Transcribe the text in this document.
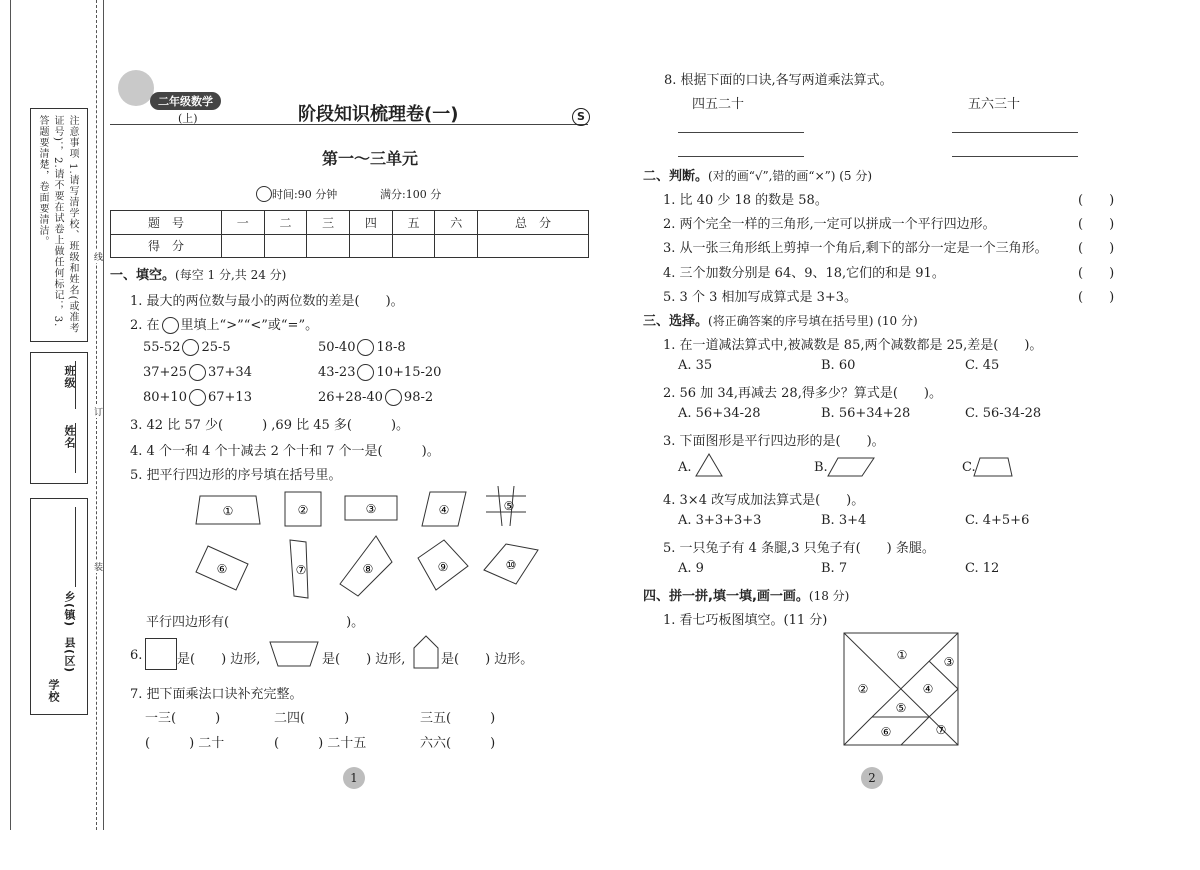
注意事项 1.请写清学校、班级和姓名(或准考证号)； 2.请不要在试卷上做任何标记； 3.答题要清楚，卷面要清洁。
班级
姓名
乡(镇)
县(区)
学校
线
订
装
二年级数学
(上)	阶段知识梳理卷(一)	S
第一～三单元
时间:90 分钟	满分:100 分
题　号	一	二	三	四	五	六	总　分
得　分							
一、填空。(每空 1 分,共 24 分)
1. 最大的两位数与最小的两位数的差是(　　)。
2. 在 里填上“>”“<”或“=”。
55-52 25-5	50-40 18-8
37+25 37+34	43-23 10+15-20
80+10 67+13	26+28-40 98-2
3. 42 比 57 少(　　　) ,69 比 45 多(　　　)。
4. 4 个一和 4 个十减去 2 个十和 7 个一是(　　　)。
5. 把平行四边形的序号填在括号里。
①	②	③	④	⑤
⑥	⑦	⑧	⑨	⑩
平行四边形有(　　　　　　　　　)。
6.	是(　　) 边形,	是(　　) 边形,	是(　　) 边形。
7. 把下面乘法口诀补充完整。
一三(　　　)	二四(　　　)	三五(　　　)
(　　　) 二十	(　　　) 二十五	六六(　　　)
1
8. 根据下面的口诀,各写两道乘法算式。
四五二十	五六三十
二、判断。(对的画“√”,错的画“×”) (5 分)
1. 比 40 少 18 的数是 58。	(　　)
2. 两个完全一样的三角形,一定可以拼成一个平行四边形。	(　　)
3. 从一张三角形纸上剪掉一个角后,剩下的部分一定是一个三角形。 (　　)
4. 三个加数分别是 64、9、18,它们的和是 91。	(　　)
5. 3 个 3 相加写成算式是 3+3。	(　　)
三、选择。(将正确答案的序号填在括号里) (10 分)
1. 在一道减法算式中,被减数是 85,两个减数都是 25,差是(　　)。
A. 35	B. 60	C. 45
2. 56 加 34,再减去 28,得多少？算式是(　　)。
A. 56+34-28	B. 56+34+28	C. 56-34-28
3. 下面图形是平行四边形的是(　　)。
A.	B.	C.
4. 3×4 改写成加法算式是(　　)。
A. 3+3+3+3	B. 3+4	C. 4+5+6
5. 一只兔子有 4 条腿,3 只兔子有(　　) 条腿。
A. 9	B. 7	C. 12
四、拼一拼,填一填,画一画。(18 分)
1. 看七巧板图填空。(11 分)
①
②
③
④
⑤
⑥	⑦
2
